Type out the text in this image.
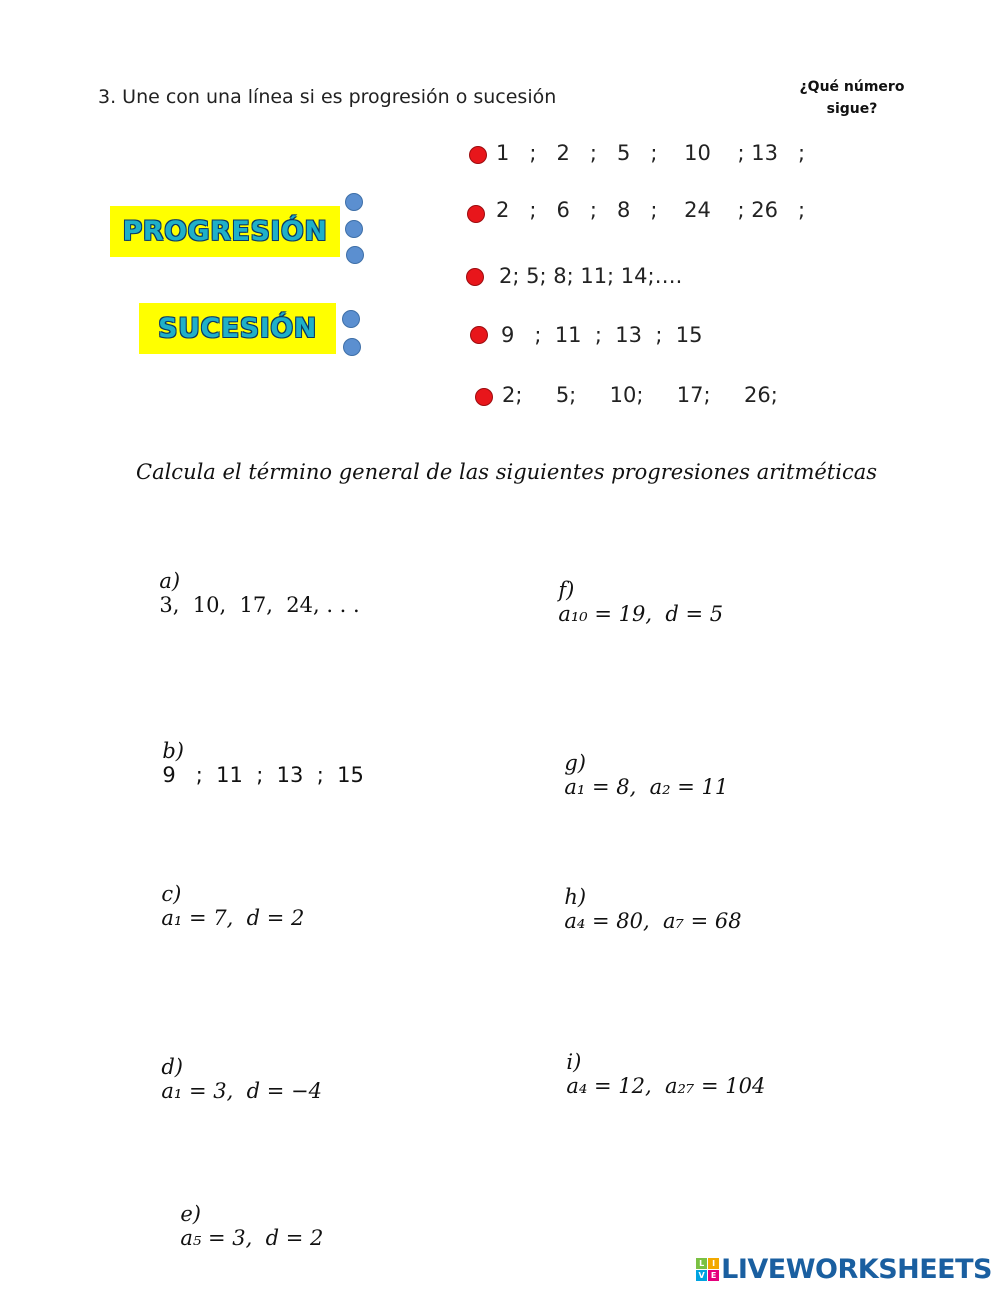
3. Une con una línea si es progresión o sucesión	¿Qué número sigue?
PROGRESIÓN
SUCESIÓN
1   ;   2   ;   5   ;    10    ; 13   ;
2   ;   6   ;   8   ;    24    ; 26   ;
2; 5; 8; 11; 14;….
9   ;  11  ;  13  ;  15
2;     5;     10;     17;     26;
Calcula el término general de las siguientes progresiones aritméticas

a)
3,  10,  17,  24, . . .

b)
9   ;  11  ;  13  ;  15

c)
a₁ = 7,  d = 2

d)
a₁ = 3,  d = −4

e)
a₅ = 3,  d = 2

f)
a₁₀ = 19,  d = 5

g)
a₁ = 8,  a₂ = 11

h)
a₄ = 80,  a₇ = 68

i)
a₄ = 12,  a₂₇ = 104

L I
V E LIVEWORKSHEETS
